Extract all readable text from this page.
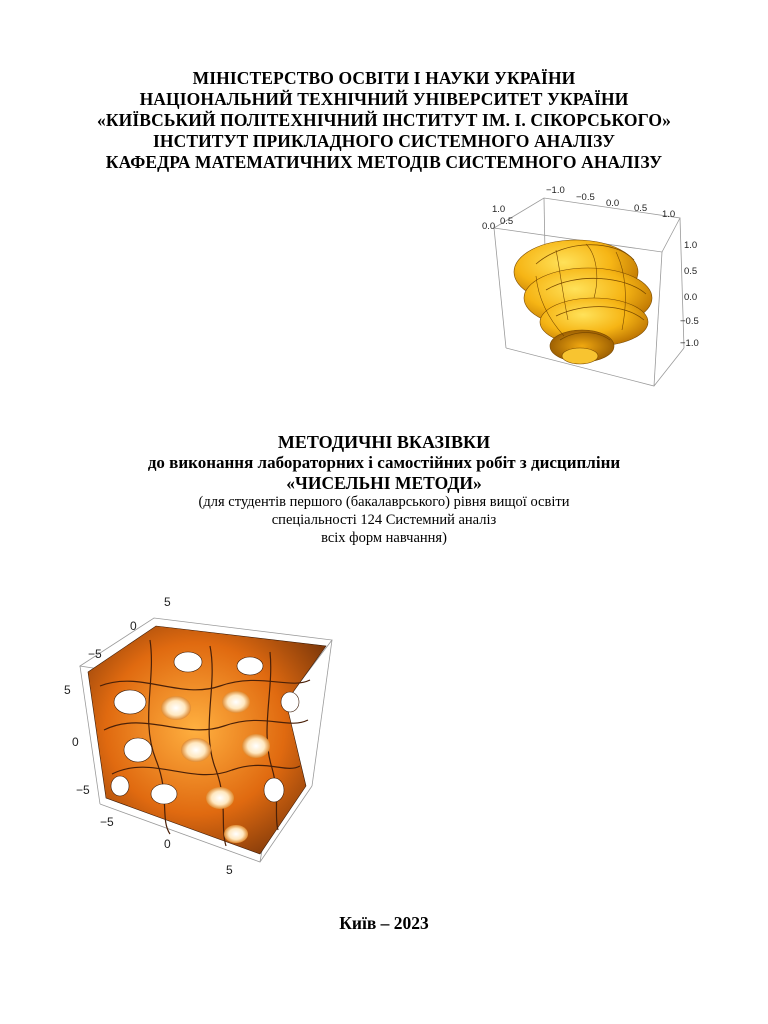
МІНІСТЕРСТВО ОСВІТИ І НАУКИ УКРАЇНИ
НАЦІОНАЛЬНИЙ ТЕХНІЧНИЙ УНІВЕРСИТЕТ УКРАЇНИ
«КИЇВСЬКИЙ ПОЛІТЕХНІЧНИЙ ІНСТИТУТ ІМ. І. СІКОРСЬКОГО»
ІНСТИТУТ ПРИКЛАДНОГО СИСТЕМНОГО АНАЛІЗУ
КАФЕДРА МАТЕМАТИЧНИХ МЕТОДІВ СИСТЕМНОГО АНАЛІЗУ
1.0
0.5
0.0
−1.0
−0.5
0.0 0.5
1.0
1.0
0.5
0.0
−0.5
−1.0
МЕТОДИЧНІ ВКАЗІВКИ
до виконання лабораторних і самостійних робіт з дисципліни
«ЧИСЕЛЬНІ МЕТОДИ»
(для студентів першого (бакалаврського) рівня вищої освіти
спеціальності 124 Системний аналіз
всіх форм навчання)
5
0
−5
5
0
−5
−5
0
5
Київ – 2023
